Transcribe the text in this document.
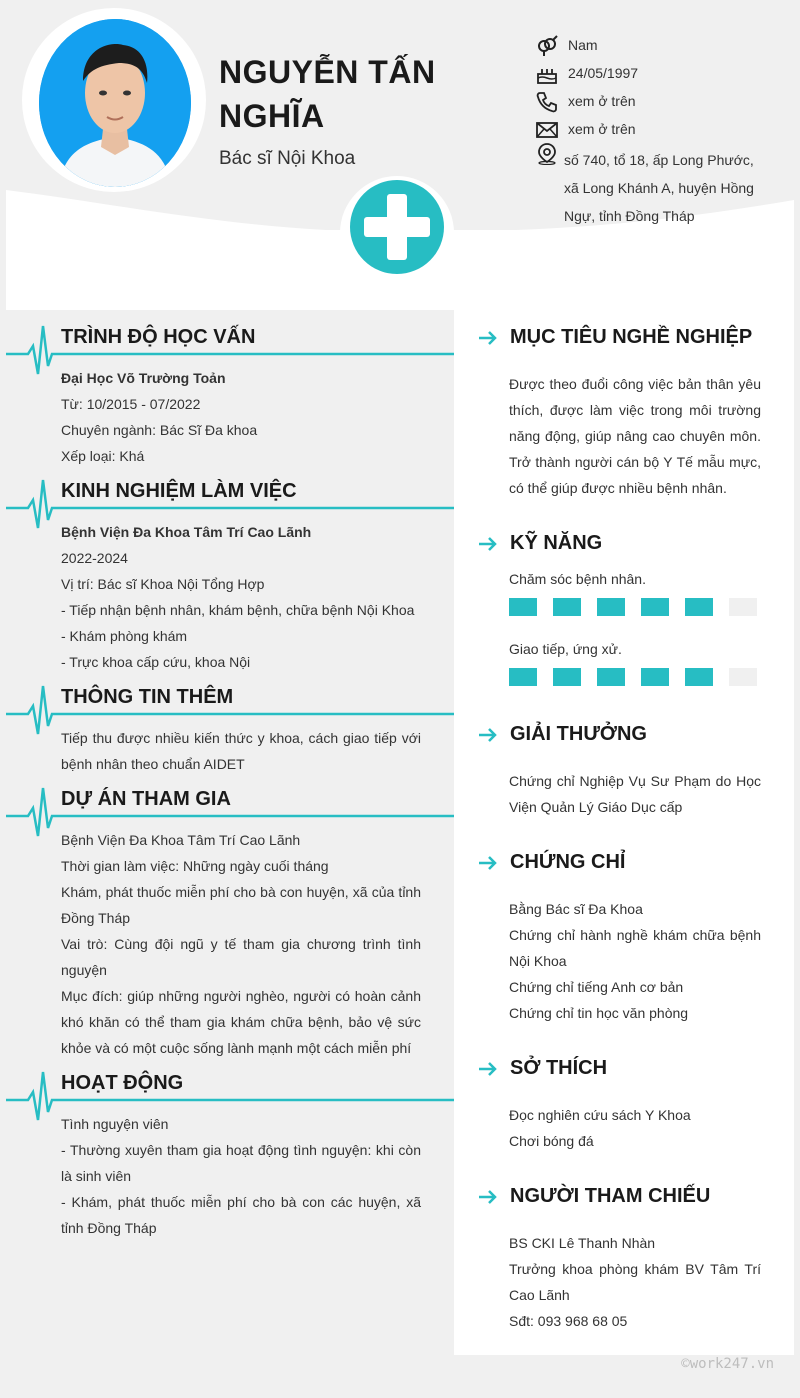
NGUYỄN TẤN
NGHĨA
Bác sĩ Nội Khoa
Nam
24/05/1997
xem ở trên
xem ở trên
số 740, tổ 18, ấp Long Phước, xã Long Khánh A, huyện Hồng Ngự, tỉnh Đồng Tháp
TRÌNH ĐỘ HỌC VẤN
Đại Học Võ Trường Toản
Từ: 10/2015 - 07/2022
Chuyên ngành: Bác Sĩ Đa khoa
Xếp loại: Khá
KINH NGHIỆM LÀM VIỆC
Bệnh Viện Đa Khoa Tâm Trí Cao Lãnh
2022-2024
Vị trí: Bác sĩ Khoa Nội Tổng Hợp
- Tiếp nhận bệnh nhân, khám bệnh, chữa bệnh Nội Khoa
- Khám phòng khám
- Trực khoa cấp cứu, khoa Nội
THÔNG TIN THÊM
Tiếp thu được nhiều kiến thức y khoa, cách giao tiếp với bệnh nhân theo chuẩn AIDET
DỰ ÁN THAM GIA
Bệnh Viện Đa Khoa Tâm Trí Cao Lãnh
Thời gian làm việc: Những ngày cuối tháng
Khám, phát thuốc miễn phí cho bà con huyện, xã của tỉnh Đồng Tháp
Vai trò: Cùng đội ngũ y tế tham gia chương trình tình nguyện
Mục đích: giúp những người nghèo, người có hoàn cảnh khó khăn có thể tham gia khám chữa bệnh, bảo vệ sức khỏe và có một cuộc sống lành mạnh một cách miễn phí
HOẠT ĐỘNG
Tình nguyện viên
- Thường xuyên tham gia hoạt động tình nguyện: khi còn là sinh viên
- Khám, phát thuốc miễn phí cho bà con các huyện, xã tỉnh Đồng Tháp
MỤC TIÊU NGHỀ NGHIỆP
Được theo đuổi công việc bản thân yêu thích, được làm việc trong môi trường năng động, giúp nâng cao chuyên môn. Trở thành người cán bộ Y Tế mẫu mực, có thể giúp được nhiều bệnh nhân.
KỸ NĂNG
Chăm sóc bệnh nhân.
Giao tiếp, ứng xử.
GIẢI THƯỞNG
Chứng chỉ Nghiệp Vụ Sư Phạm do Học Viện Quản Lý Giáo Dục cấp
CHỨNG CHỈ
Bằng Bác sĩ Đa Khoa
Chứng chỉ hành nghề khám chữa bệnh Nội Khoa
Chứng chỉ tiếng Anh cơ bản
Chứng chỉ tin học văn phòng
SỞ THÍCH
Đọc nghiên cứu sách Y Khoa
Chơi bóng đá
NGƯỜI THAM CHIẾU
BS CKI Lê Thanh Nhàn
Trưởng khoa phòng khám BV Tâm Trí Cao Lãnh
Sđt: 093 968 68 05
©work247.vn
